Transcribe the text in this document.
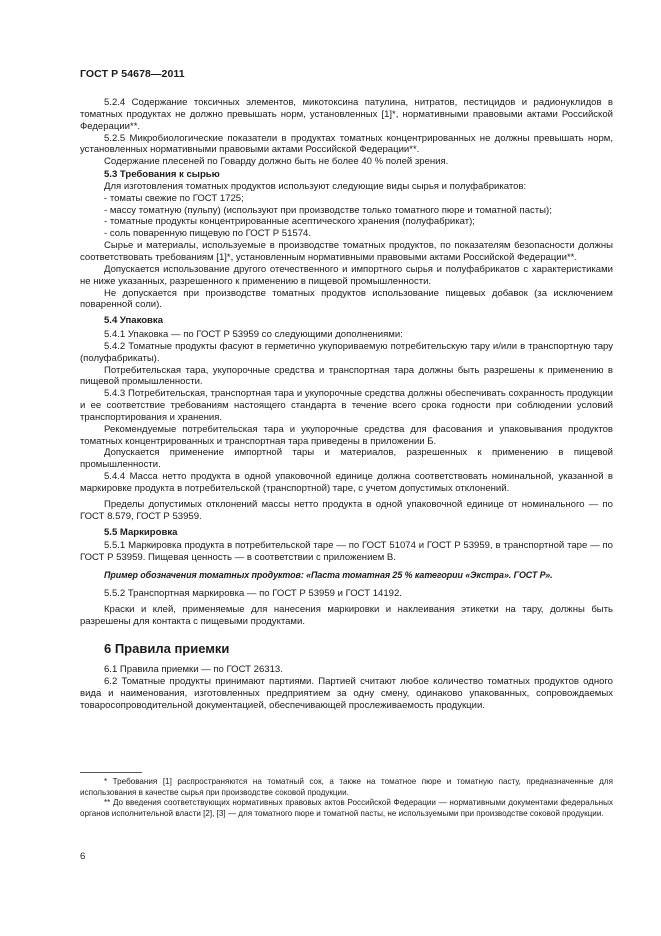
ГОСТ Р 54678—2011

5.2.4 Содержание токсичных элементов, микотоксина патулина, нитратов, пестицидов и радионуклидов в томатных продуктах не должно превышать норм, установленных [1]*, нормативными правовыми актами Российской Федерации**.

5.2.5 Микробиологические показатели в продуктах томатных концентрированных не должны превышать норм, установленных нормативными правовыми актами Российской Федерации**.

Содержание плесеней по Говарду должно быть не более 40 % полей зрения.

5.3 Требования к сырью

Для изготовления томатных продуктов используют следующие виды сырья и полуфабрикатов:

- томаты свежие по ГОСТ 1725;
- массу томатную (пульпу) (используют при производстве только томатного пюре и томатной пасты);
- томатные продукты концентрированные асептического хранения (полуфабрикат);
- соль поваренную пищевую по ГОСТ Р 51574.

Сырье и материалы, используемые в производстве томатных продуктов, по показателям безопасности должны соответствовать требованиям [1]*, установленным нормативными правовыми актами Российской Федерации**.

Допускается использование другого отечественного и импортного сырья и полуфабрикатов с характеристиками не ниже указанных, разрешенного к применению в пищевой промышленности.

Не допускается при производстве томатных продуктов использование пищевых добавок (за исключением поваренной соли).

5.4 Упаковка

5.4.1 Упаковка — по ГОСТ Р 53959 со следующими дополнениями:

5.4.2 Томатные продукты фасуют в герметично укупориваемую потребительскую тару и/или в транспортную тару (полуфабрикаты).

Потребительская тара, укупорочные средства и транспортная тара должны быть разрешены к применению в пищевой промышленности.

5.4.3 Потребительская, транспортная тара и укупорочные средства должны обеспечивать сохранность продукции и ее соответствие требованиям настоящего стандарта в течение всего срока годности при соблюдении условий транспортирования и хранения.

Рекомендуемые потребительская тара и укупорочные средства для фасования и упаковывания продуктов томатных концентрированных и транспортная тара приведены в приложении Б.

Допускается применение импортной тары и материалов, разрешенных к применению в пищевой промышленности.

5.4.4 Масса нетто продукта в одной упаковочной единице должна соответствовать номинальной, указанной в маркировке продукта в потребительской (транспортной) таре, с учетом допустимых отклонений.

Пределы допустимых отклонений массы нетто продукта в одной упаковочной единице от номинального — по ГОСТ 8.579, ГОСТ Р 53959.

5.5 Маркировка

5.5.1 Маркировка продукта в потребительской таре — по ГОСТ 51074 и ГОСТ Р 53959, в транспортной таре — по ГОСТ Р 53959. Пищевая ценность — в соответствии с приложением В.

Пример обозначения томатных продуктов: «Паста томатная 25 % категории «Экстра». ГОСТ Р».

5.5.2 Транспортная маркировка — по ГОСТ Р 53959 и ГОСТ 14192.

Краски и клей, применяемые для нанесения маркировки и наклеивания этикетки на тару, должны быть разрешены для контакта с пищевыми продуктами.

6 Правила приемки

6.1 Правила приемки — по ГОСТ 26313.

6.2 Томатные продукты принимают партиями. Партией считают любое количество томатных продуктов одного вида и наименования, изготовленных предприятием за одну смену, одинаково упакованных, сопровождаемых товаросопроводительной документацией, обеспечивающей прослеживаемость продукции.

* Требования [1] распространяются на томатный сок, а также на томатное пюре и томатную пасту, предназначенные для использования в качестве сырья при производстве соковой продукции.

** До введения соответствующих нормативных правовых актов Российской Федерации — нормативными документами федеральных органов исполнительной власти [2], [3] — для томатного пюре и томатной пасты, не используемыми при производстве соковой продукции.

6
